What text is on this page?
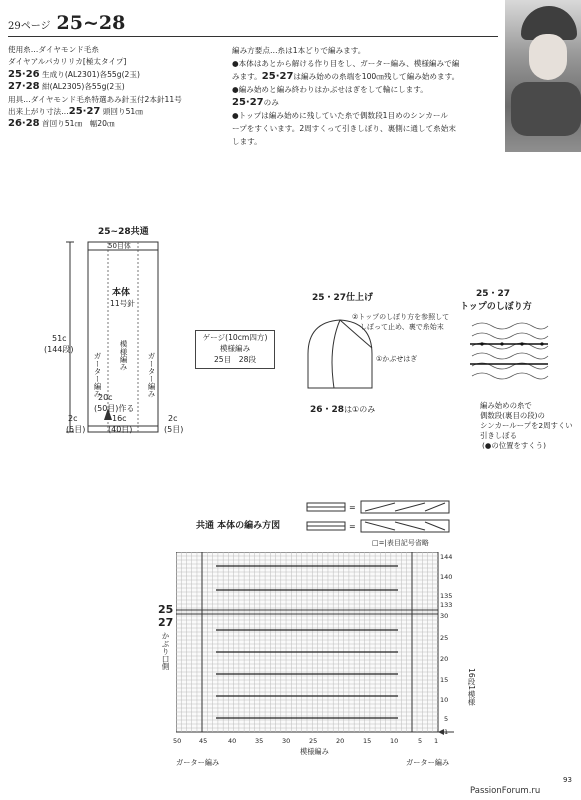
29ページ 25~28
使用糸…ダイヤモンド毛糸
ダイヤアルパカリリカ[極太タイプ]
25·26 生成り(AL2301)各55g(2玉)
27·28 紺(AL2305)各55g(2玉)
用具…ダイヤモンド毛糸特選あみ針玉付2本針11号
出来上がり寸法…25·27 頭回り51㎝
26·28 首回り51㎝　幅20㎝
編み方要点…糸は1本どりで編みます。
●本体はあとから解ける作り目をし、ガーター編み、模様編みで編
みます。25·27は編み始めの糸端を100㎝残して編み始めます。
●編み始めと編み終わりはかぶせはぎをして輪にします。
25·27のみ
●トップは編み始めに残していた糸で偶数段1目めのシンカール
ープをすくいます。2周すくって引きしぼり、裏側に通して糸始末
します。
25~28共通
50目体
本体
11号針
模様編み
ガーター編み	ガーター編み
51c
(144段)
20c
(50目)作る
16c
(40目)
2c
(5目)
2c
(5目)
ゲージ(10cm四方)
模様編み
25目　28段
25・27仕上げ
②トップのしぼり方を参照して
しぼって止め、裏で糸始末
①かぶせはぎ
26・28は①のみ
25・27
トップのしぼり方
編み始めの糸で
偶数段(裏目の段)の
シンカーループを2周すくい
引きしぼる
(●の位置をすくう)
共通 本体の編み方図
=
=
□=|表目記号省略
25
27
かぶり口側
16段1模様
50	45	40	35	30	25	20	15	10	5 1
144
140
135
133
30
25
20
15
10
5
1
ガーター編み
模様編み
ガーター編み
93
PassionForum.ru
